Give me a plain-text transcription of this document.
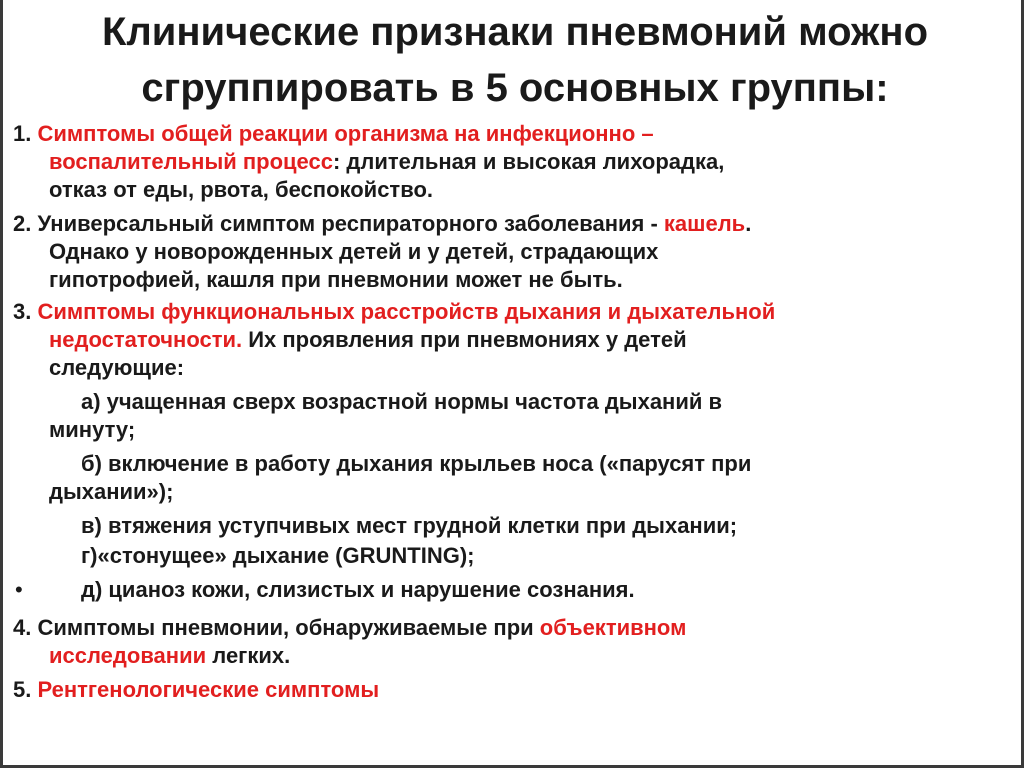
Клинические признаки пневмоний можно
сгруппировать в 5 основных группы:
1. Симптомы общей реакции организма на инфекционно –
воспалительный процесс: длительная и высокая лихорадка,
отказ от еды, рвота, беспокойство.
2. Универсальный симптом респираторного заболевания - кашель.
Однако у новорожденных детей и у детей, страдающих
гипотрофией, кашля при пневмонии может не быть.
3. Симптомы функциональных расстройств дыхания и дыхательной
недостаточности. Их проявления при пневмониях у детей
следующие:
а) учащенная сверх возрастной нормы частота дыханий в
минуту;
б) включение в работу дыхания крыльев носа («парусят при
дыхании»);
в) втяжения уступчивых мест грудной клетки при дыхании;
г)«стонущее» дыхание (GRUNTING);
•	д) цианоз кожи, слизистых и нарушение сознания.
4. Симптомы пневмонии, обнаруживаемые при объективном
исследовании легких.
5. Рентгенологические симптомы
